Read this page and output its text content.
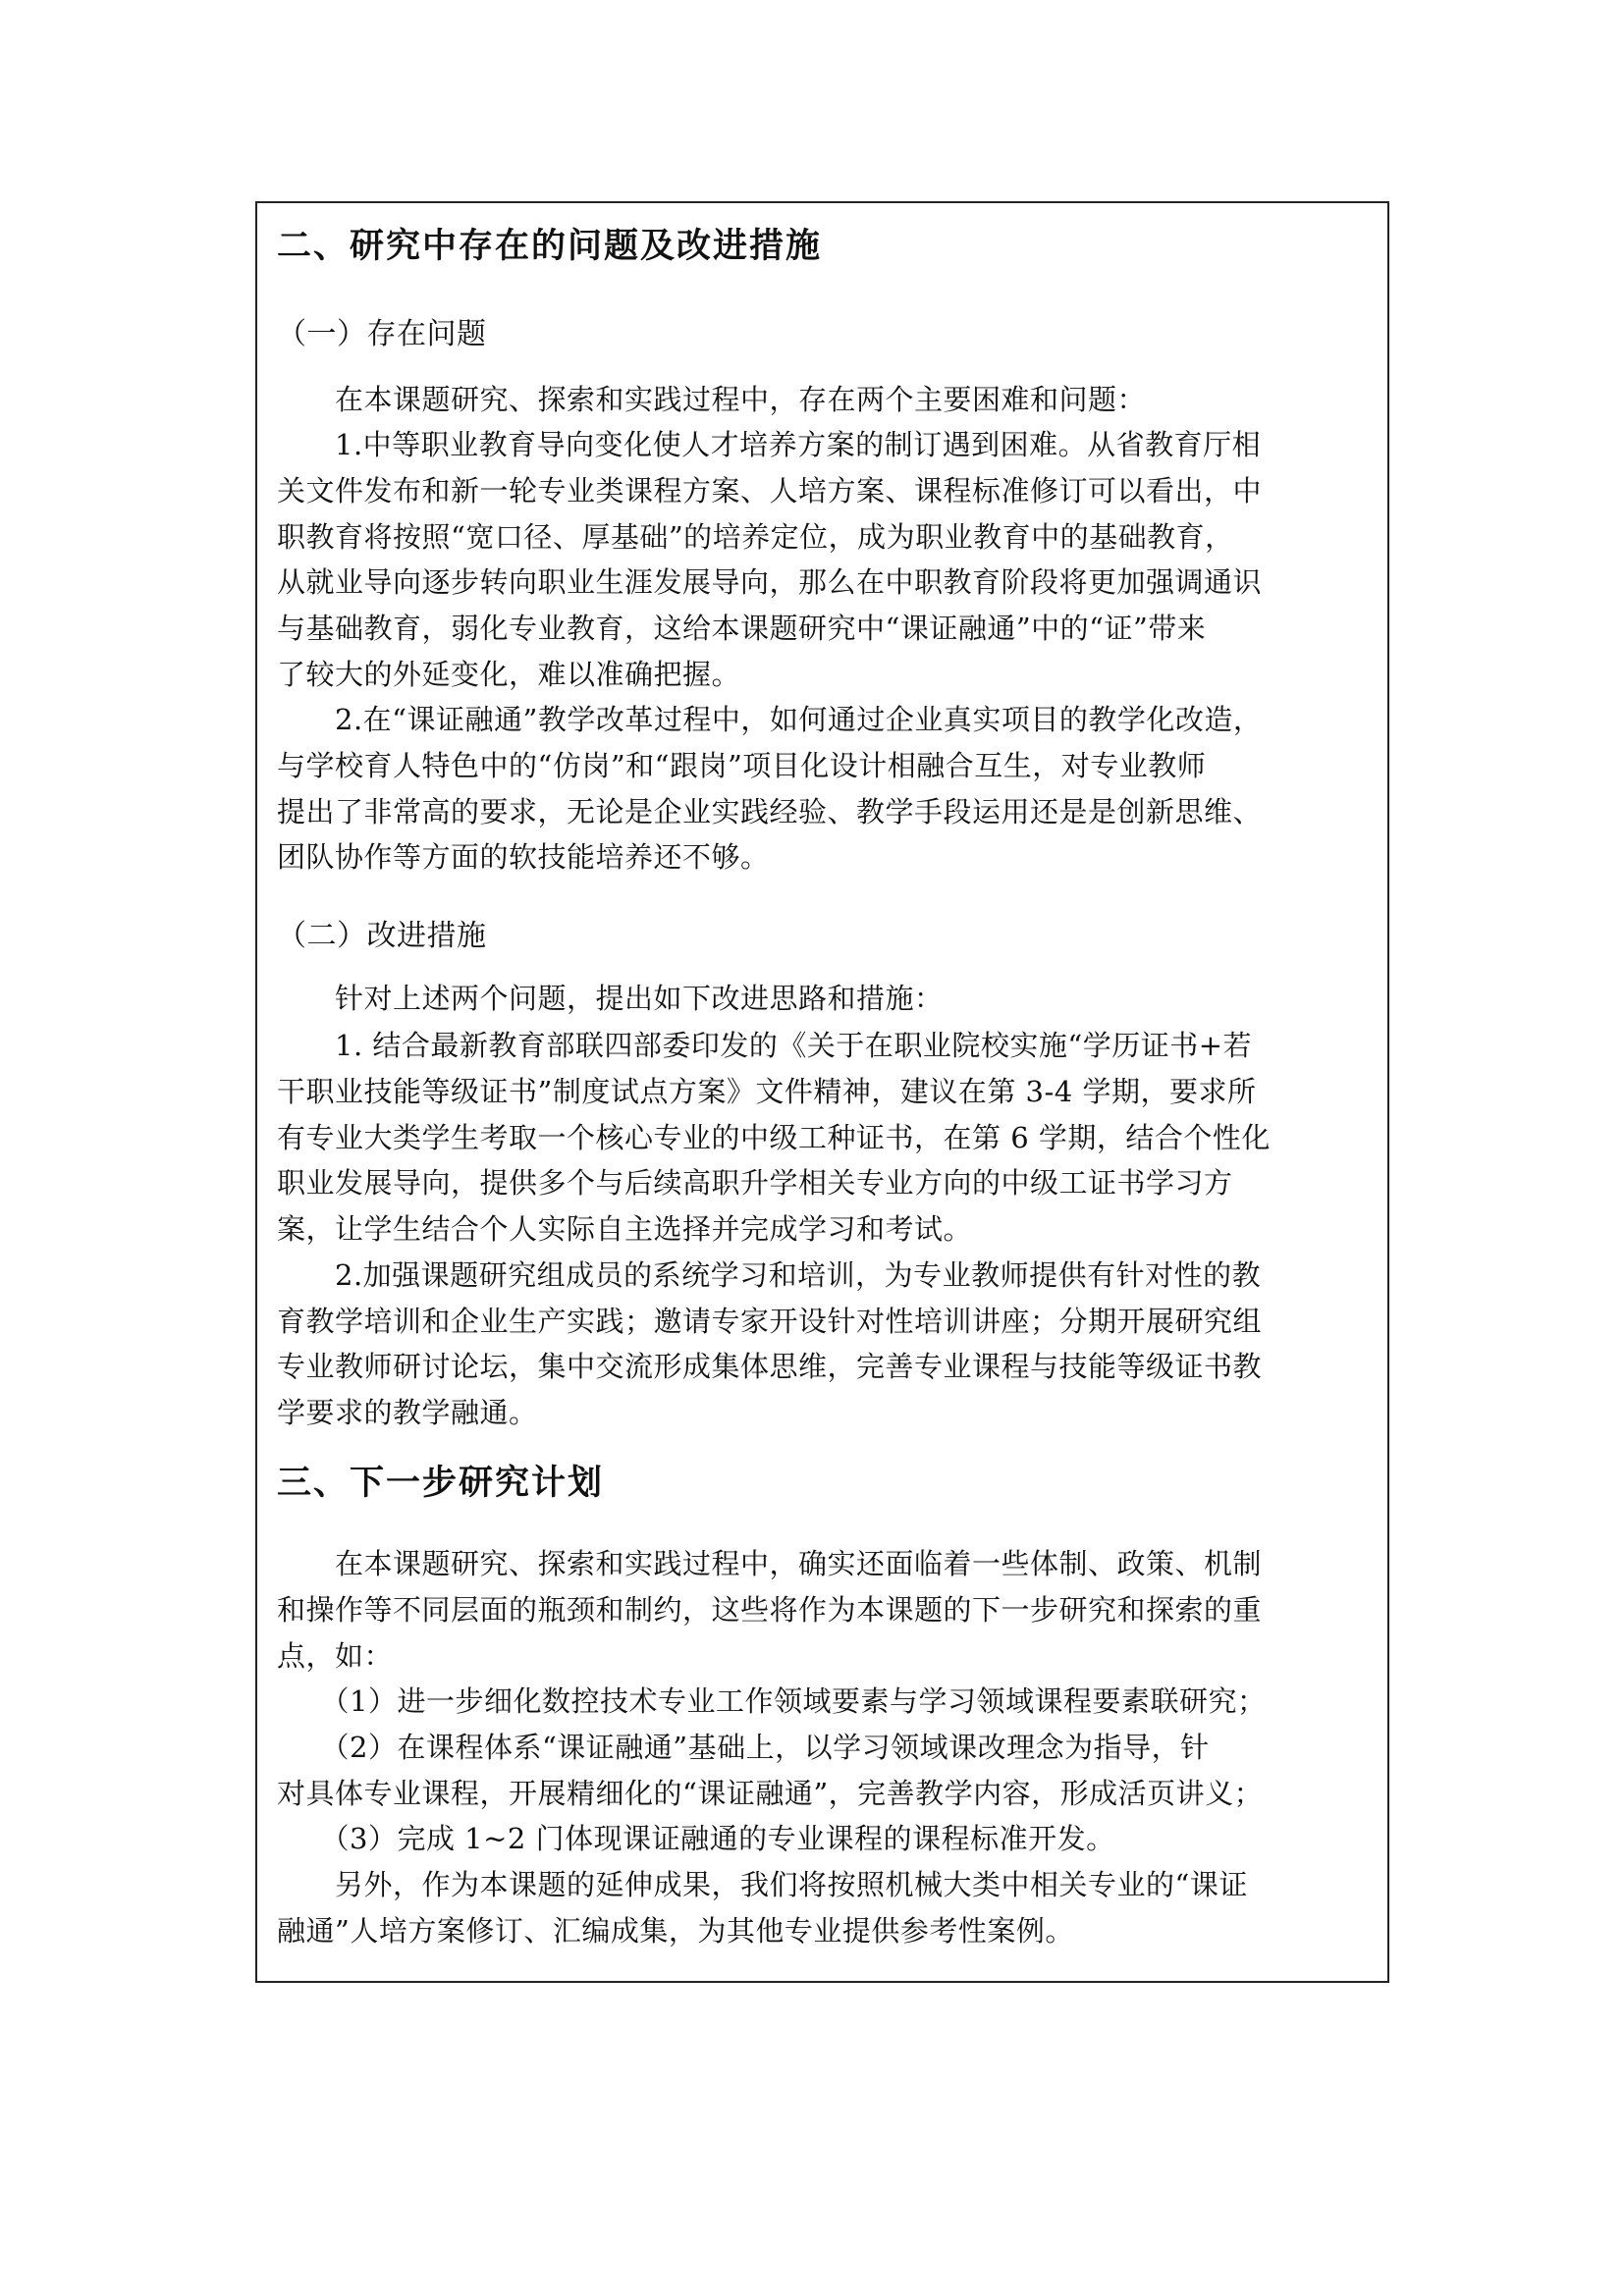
二、研究中存在的问题及改进措施
（一）存在问题
　　在本课题研究、探索和实践过程中，存在两个主要困难和问题：
　　1.中等职业教育导向变化使人才培养方案的制订遇到困难。从省教育厅相
关文件发布和新一轮专业类课程方案、人培方案、课程标准修订可以看出，中
职教育将按照“宽口径、厚基础”的培养定位，成为职业教育中的基础教育，
从就业导向逐步转向职业生涯发展导向，那么在中职教育阶段将更加强调通识
与基础教育，弱化专业教育，这给本课题研究中“课证融通”中的“证”带来
了较大的外延变化，难以准确把握。
　　2.在“课证融通”教学改革过程中，如何通过企业真实项目的教学化改造，
与学校育人特色中的“仿岗”和“跟岗”项目化设计相融合互生，对专业教师
提出了非常高的要求，无论是企业实践经验、教学手段运用还是是创新思维、
团队协作等方面的软技能培养还不够。
（二）改进措施
　　针对上述两个问题，提出如下改进思路和措施：
　　1. 结合最新教育部联四部委印发的《关于在职业院校实施“学历证书+若
干职业技能等级证书”制度试点方案》文件精神，建议在第 3-4 学期，要求所
有专业大类学生考取一个核心专业的中级工种证书，在第 6 学期，结合个性化
职业发展导向，提供多个与后续高职升学相关专业方向的中级工证书学习方
案，让学生结合个人实际自主选择并完成学习和考试。
　　2.加强课题研究组成员的系统学习和培训，为专业教师提供有针对性的教
育教学培训和企业生产实践；邀请专家开设针对性培训讲座；分期开展研究组
专业教师研讨论坛，集中交流形成集体思维，完善专业课程与技能等级证书教
学要求的教学融通。
三、下一步研究计划
　　在本课题研究、探索和实践过程中，确实还面临着一些体制、政策、机制
和操作等不同层面的瓶颈和制约，这些将作为本课题的下一步研究和探索的重
点，如：
　　（1）进一步细化数控技术专业工作领域要素与学习领域课程要素联研究；
　　（2）在课程体系“课证融通”基础上，以学习领域课改理念为指导，针
对具体专业课程，开展精细化的“课证融通”，完善教学内容，形成活页讲义；
　　（3）完成 1~2 门体现课证融通的专业课程的课程标准开发。
　　另外，作为本课题的延伸成果，我们将按照机械大类中相关专业的“课证
融通”人培方案修订、汇编成集，为其他专业提供参考性案例。
